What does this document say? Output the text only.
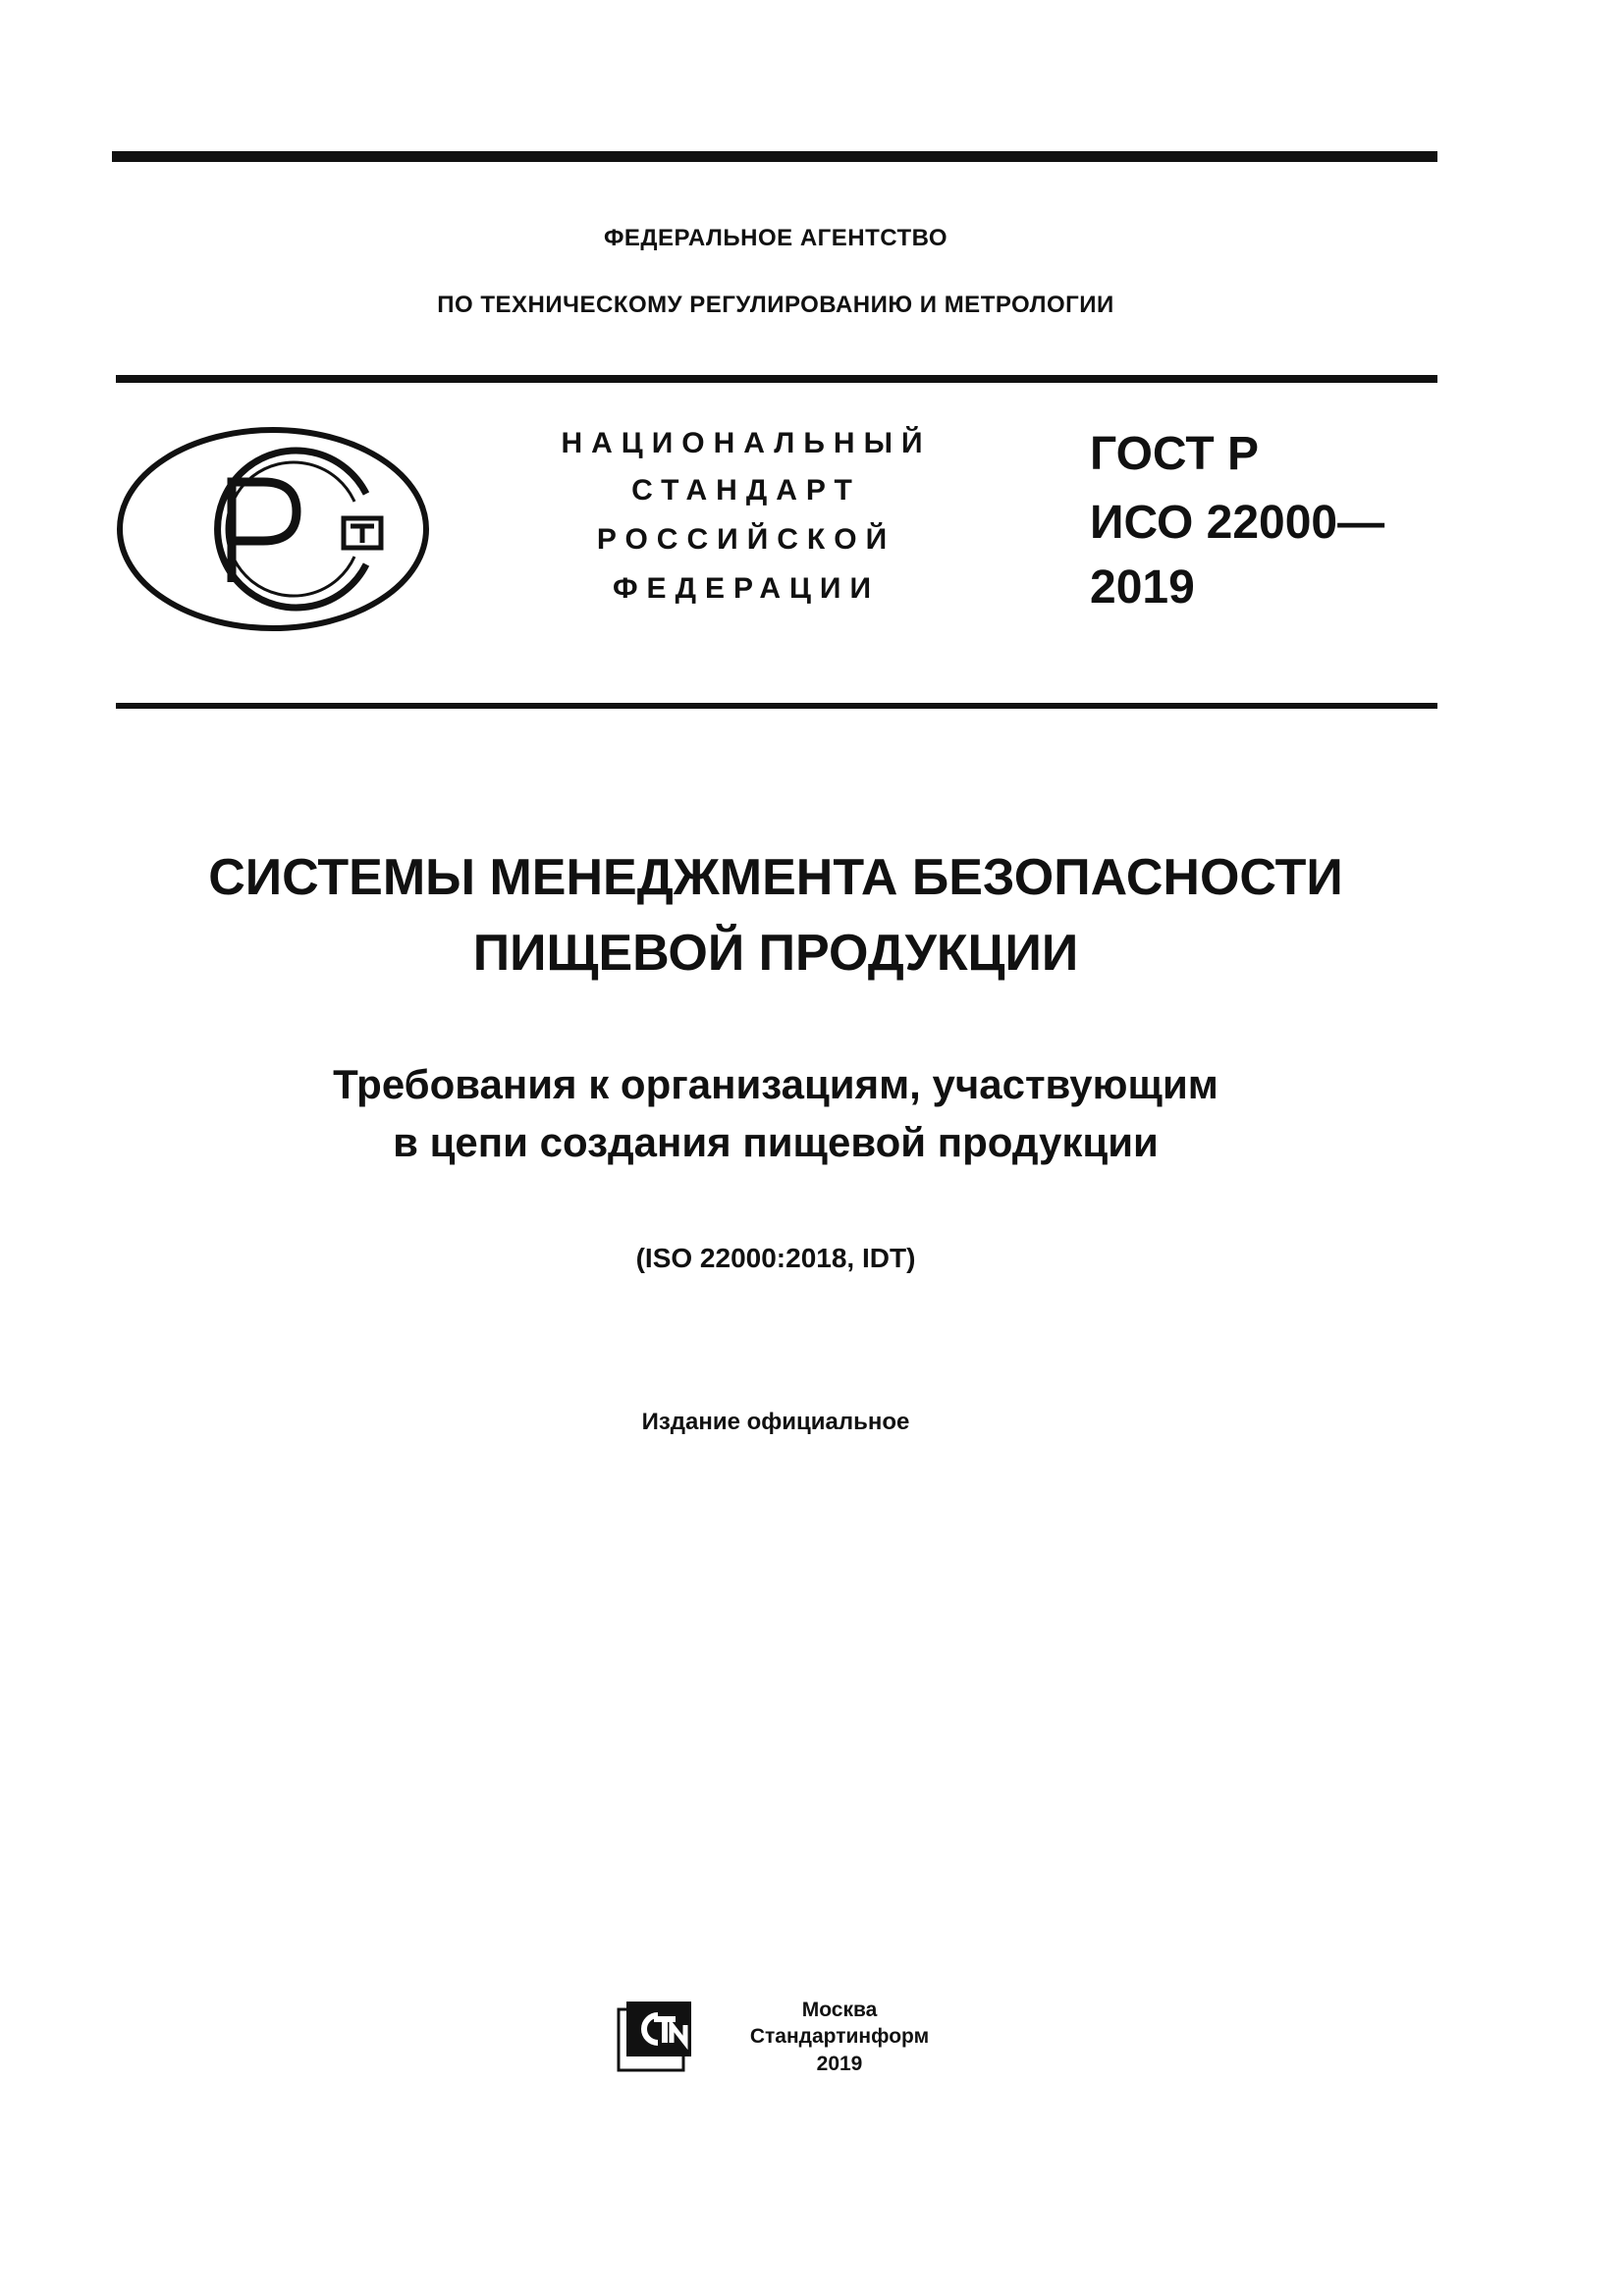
ФЕДЕРАЛЬНОЕ АГЕНТСТВО
ПО ТЕХНИЧЕСКОМУ РЕГУЛИРОВАНИЮ И МЕТРОЛОГИИ
НАЦИОНАЛЬНЫЙ
СТАНДАРТ
РОССИЙСКОЙ
ФЕДЕРАЦИИ
ГОСТ Р
ИСО 22000—
2019
СИСТЕМЫ МЕНЕДЖМЕНТА БЕЗОПАСНОСТИ
ПИЩЕВОЙ ПРОДУКЦИИ
Требования к организациям, участвующим
в цепи создания пищевой продукции
(ISO 22000:2018, IDT)
Издание официальное
Москва
Стандартинформ
2019
